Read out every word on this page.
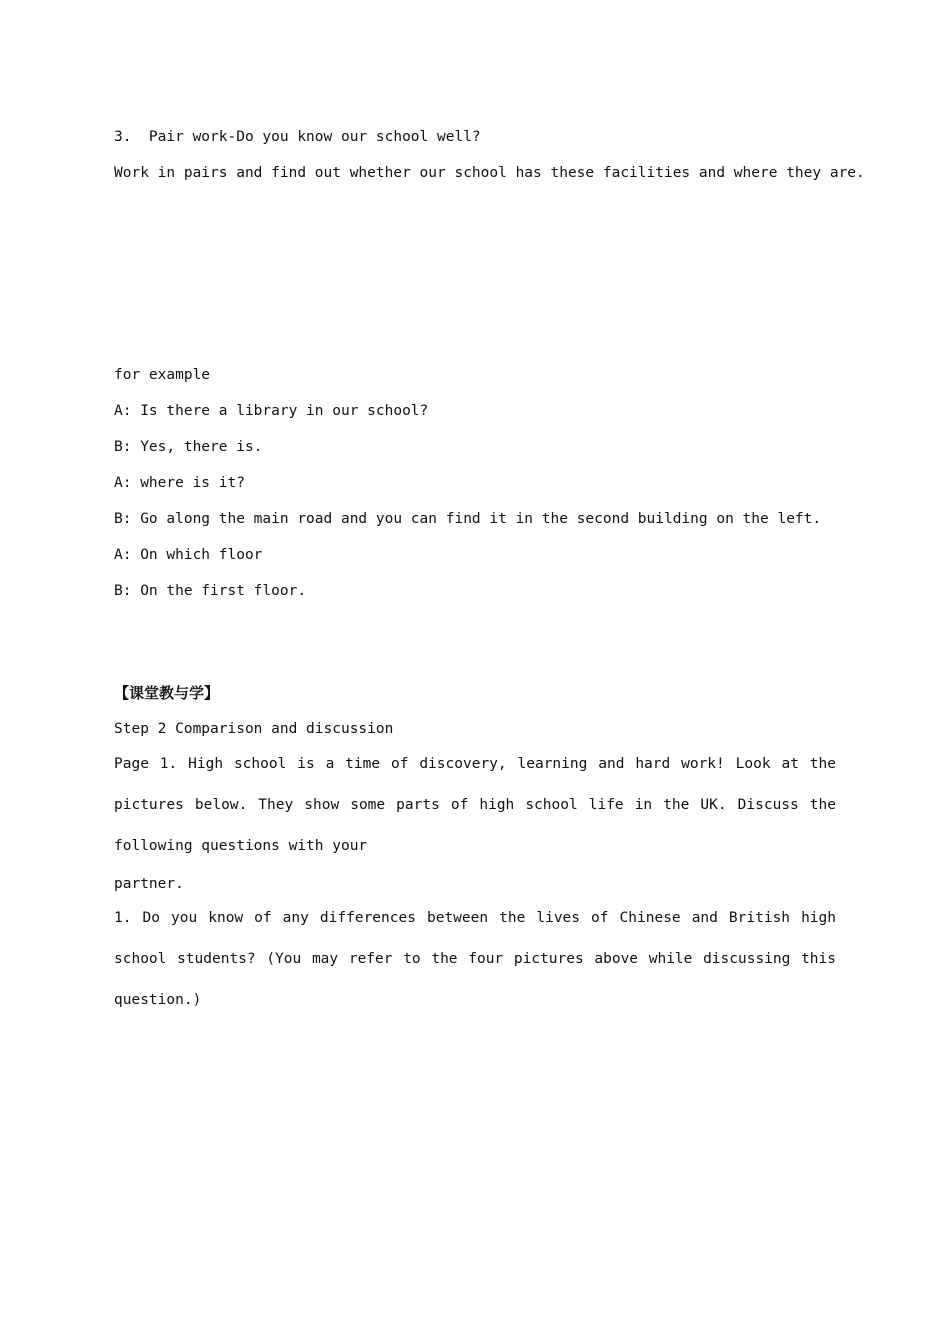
3.  Pair work-Do you know our school well?

Work in pairs and find out whether our school has these facilities and where they are.

for example

A: Is there a library in our school?

B: Yes, there is.

A: where is it?

B: Go along the main road and you can find it in the second building on the left.

A: On which floor

B: On the first floor.

【课堂教与学】

Step 2 Comparison and discussion

Page 1. High school is a time of discovery, learning and hard work! Look at the pictures below. They show some parts of high school life in the UK. Discuss the following questions with your

partner.

1. Do you know of any differences between the lives of Chinese and British high school students? (You may refer to the four pictures above while discussing this question.)
